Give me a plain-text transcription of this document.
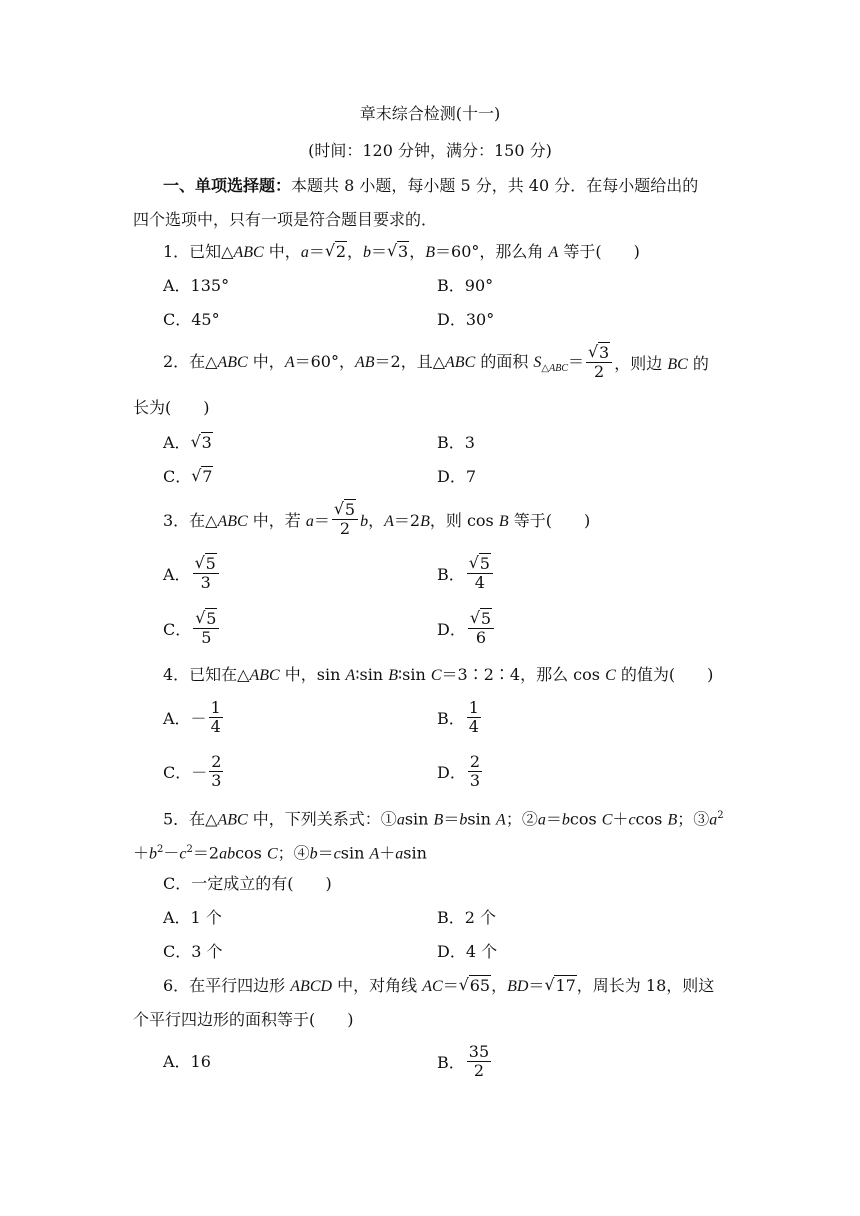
章末综合检测(十一)
(时间：120 分钟，满分：150 分)
一、单项选择题：本题共 8 小题，每小题 5 分，共 40 分．在每小题给出的
四个选项中，只有一项是符合题目要求的．
1．已知△ABC 中，a＝ √ 2，b＝ √ 3，B＝60°，那么角 A 等于(　　)
A．135°	B．90°
C．45°	D．30°
2．在△ABC 中，A＝60°，AB＝2，且△ABC 的面积 $S_{\triangle ABC}=$ √ $\frac{3}{2}$ ，则边 BC 的
长为(　　)
A． √ 3	B．3
C． √ 7	D．7
3．在△ABC 中，若 a＝ √ $\frac{5}{2}$ b，A＝2B，则 cos B 等于(　　)
A． √ $\frac{5}{3}$	B． √ $\frac{5}{4}$
C． √ $\frac{5}{5}$	D． √ $\frac{5}{6}$
4．已知在△ABC 中，sin A∶sin B∶sin C＝3∶2∶4，那么 cos C 的值为(　　)
A．－ $\frac{1}{4}$	B． $\frac{1}{4}$
C．－ $\frac{2}{3}$	D． $\frac{2}{3}$
5．在△ABC 中，下列关系式：①asin B＝bsin A；②a＝bcos C＋ccos B；$③a^2$
$+b^2-c^2=2abcos$ C；④b＝csin A＋asin
C．一定成立的有(　　)
A．1 个	B．2 个
C．3 个	D．4 个
6．在平行四边形 ABCD 中，对角线 AC＝ √ 65，BD＝ √ 17，周长为 18，则这
个平行四边形的面积等于(　　)
A．16	B． $\frac{35}{2}$
